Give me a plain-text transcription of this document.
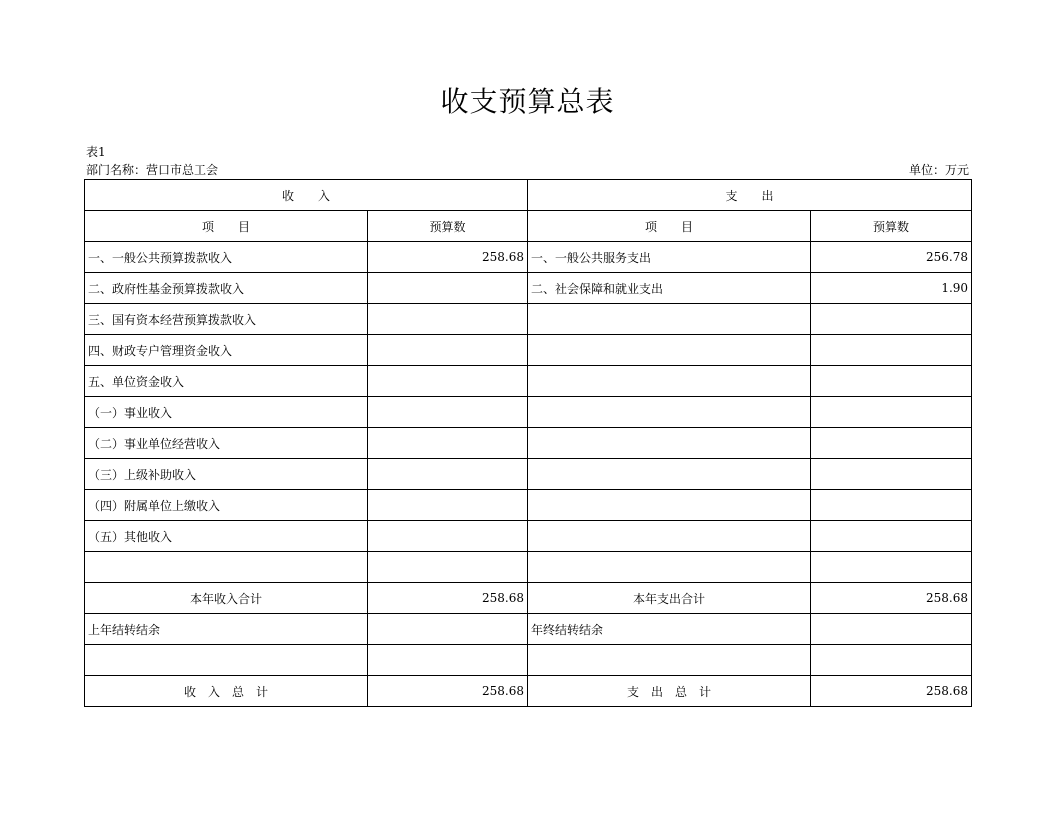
收支预算总表
表1
部门名称：营口市总工会	单位：万元
收　　入		支　　出	
项　　目	预算数	项　　目	预算数
一、一般公共预算拨款收入	258.68	一、一般公共服务支出	256.78
二、政府性基金预算拨款收入		二、社会保障和就业支出	1.90
三、国有资本经营预算拨款收入			
四、财政专户管理资金收入			
五、单位资金收入			
（一）事业收入			
（二）事业单位经营收入			
（三）上级补助收入			
（四）附属单位上缴收入			
（五）其他收入			

本年收入合计	258.68	本年支出合计	258.68
上年结转结余		年终结转结余	

收　入　总　计	258.68	支　出　总　计	258.68
